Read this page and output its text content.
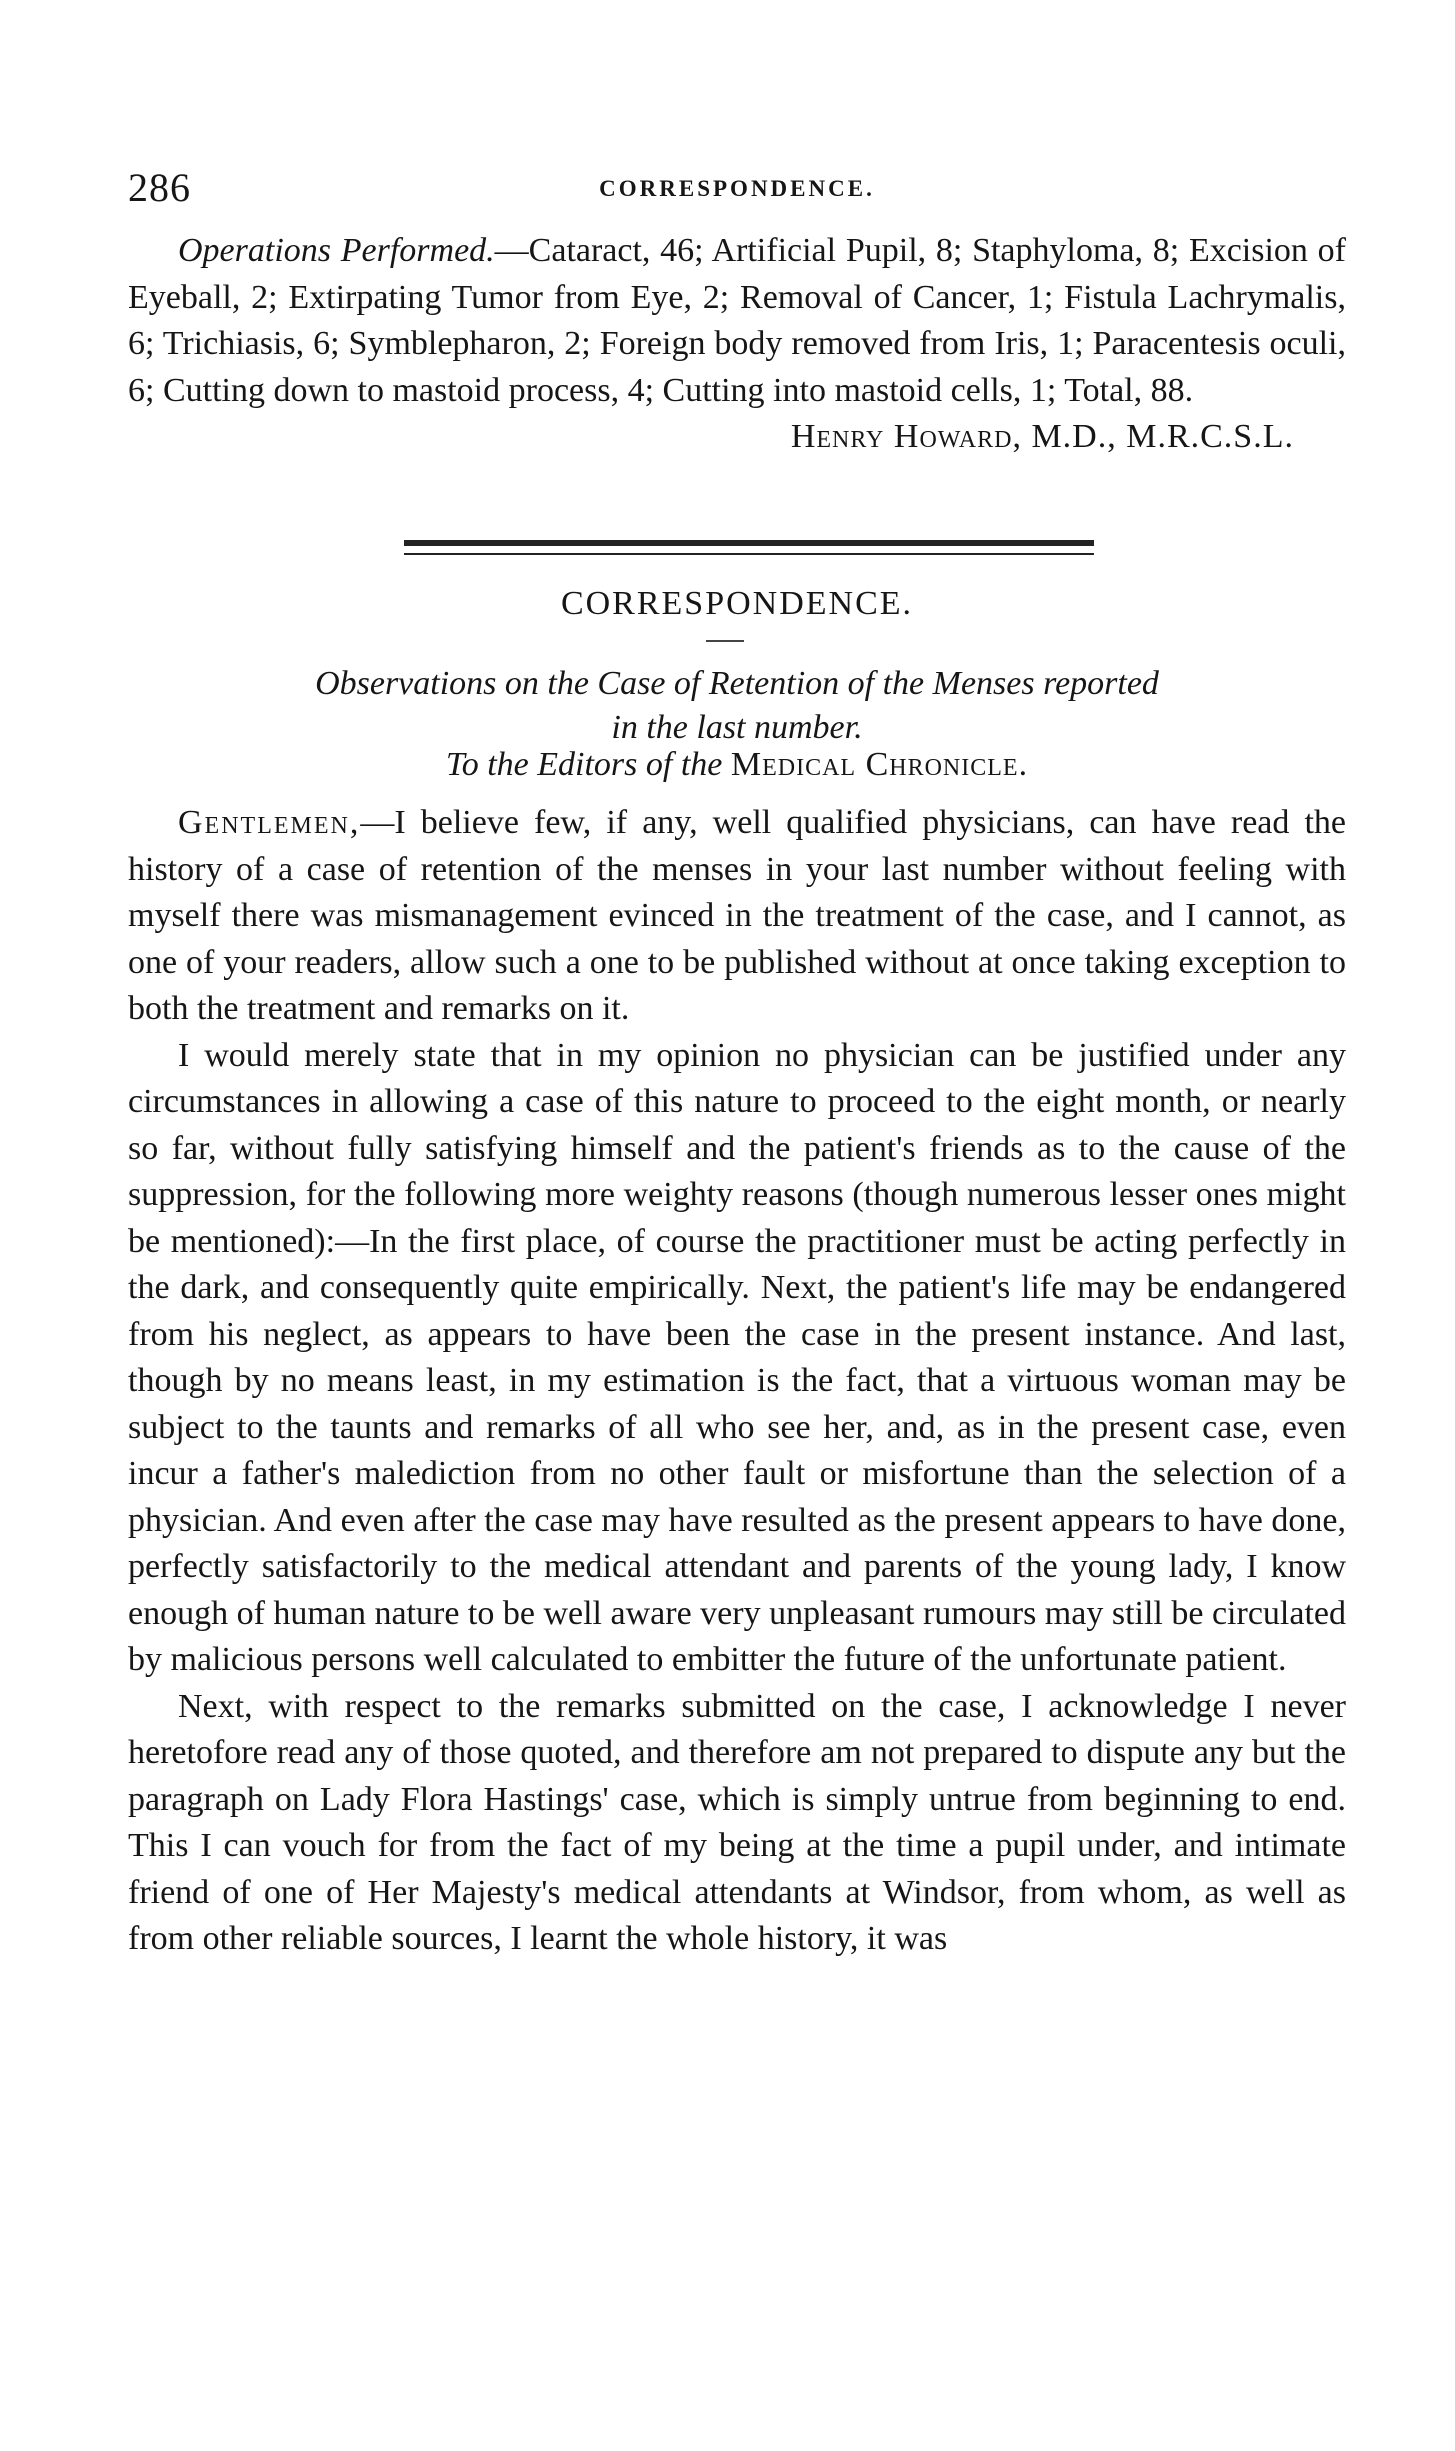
286	CORRESPONDENCE.

Operations Performed.—Cataract, 46; Artificial Pupil, 8; Staphyloma, 8; Excision of Eyeball, 2; Extirpating Tumor from Eye, 2; Removal of Cancer, 1; Fistula Lachrymalis, 6; Trichiasis, 6; Symblepharon, 2; Foreign body removed from Iris, 1; Paracentesis oculi, 6; Cutting down to mastoid process, 4; Cutting into mastoid cells, 1; Total, 88.

Henry Howard, M.D., M.R.C.S.L.

CORRESPONDENCE.
Observations on the Case of Retention of the Menses reported
in the last number.
To the Editors of the Medical Chronicle.

Gentlemen,—I believe few, if any, well qualified physicians, can have read the history of a case of retention of the menses in your last number without feeling with myself there was mismanagement evinced in the treatment of the case, and I cannot, as one of your readers, allow such a one to be published without at once taking exception to both the treatment and remarks on it.

I would merely state that in my opinion no physician can be justified under any circumstances in allowing a case of this nature to proceed to the eight month, or nearly so far, without fully satisfying himself and the patient's friends as to the cause of the suppression, for the following more weighty reasons (though numerous lesser ones might be mentioned):—In the first place, of course the practitioner must be acting perfectly in the dark, and consequently quite empirically. Next, the patient's life may be endangered from his neglect, as appears to have been the case in the present instance. And last, though by no means least, in my estimation is the fact, that a virtuous woman may be subject to the taunts and remarks of all who see her, and, as in the present case, even incur a father's malediction from no other fault or misfortune than the selection of a physician. And even after the case may have resulted as the present appears to have done, perfectly satisfactorily to the medical attendant and parents of the young lady, I know enough of human nature to be well aware very unpleasant rumours may still be circulated by malicious persons well calculated to embitter the future of the unfortunate patient.

Next, with respect to the remarks submitted on the case, I acknowledge I never heretofore read any of those quoted, and therefore am not prepared to dispute any but the paragraph on Lady Flora Hastings' case, which is simply untrue from beginning to end. This I can vouch for from the fact of my being at the time a pupil under, and intimate friend of one of Her Majesty's medical attendants at Windsor, from whom, as well as from other reliable sources, I learnt the whole history, it was
